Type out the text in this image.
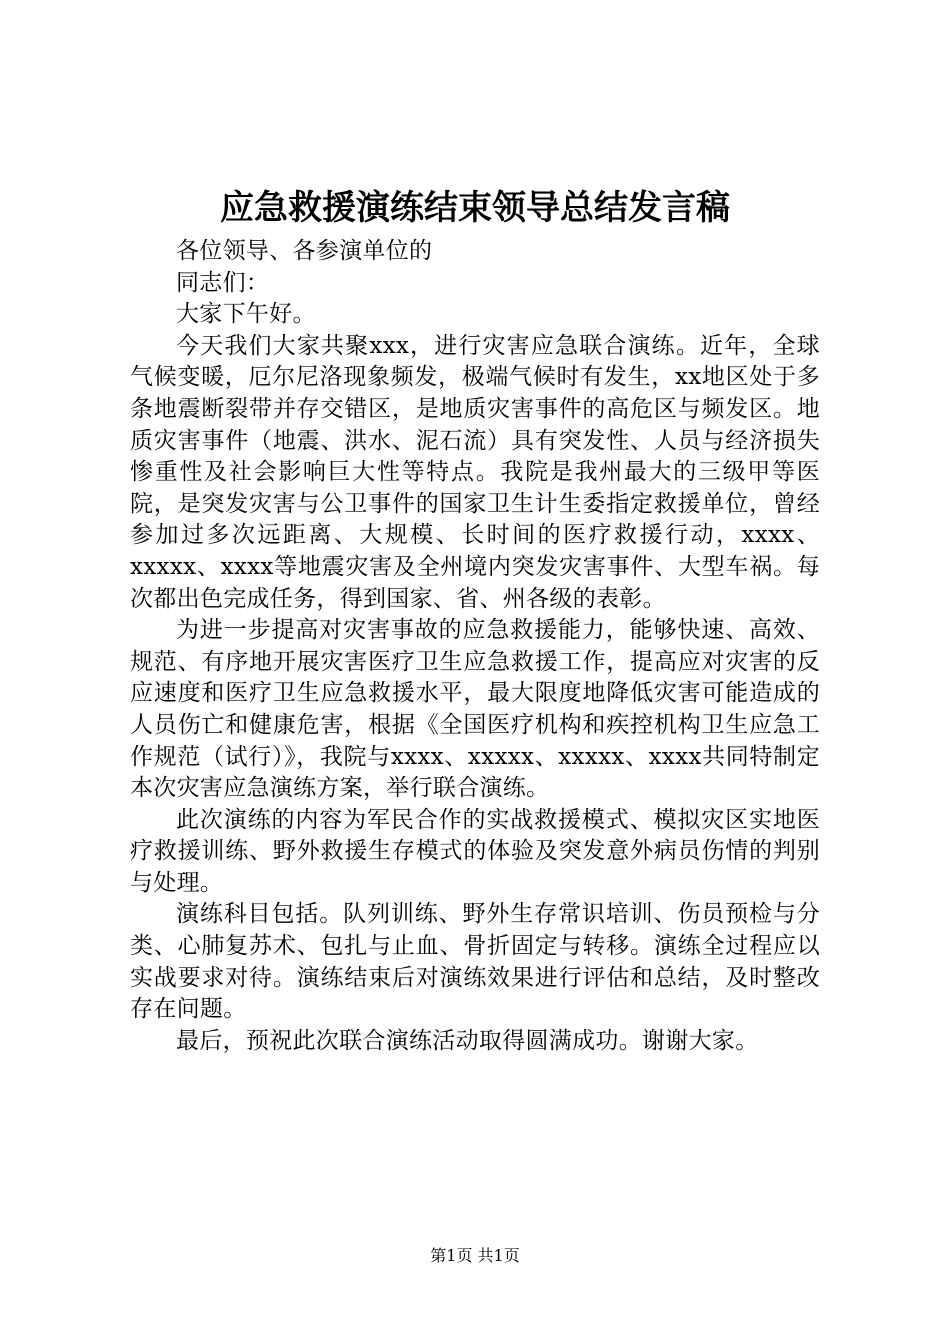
应急救援演练结束领导总结发言稿

各位领导、各参演单位的

同志们：

大家下午好。

今天我们大家共聚xxx，进行灾害应急联合演练。近年，全球气候变暖，厄尔尼洛现象频发，极端气候时有发生，xx地区处于多条地震断裂带并存交错区，是地质灾害事件的高危区与频发区。地质灾害事件（地震、洪水、泥石流）具有突发性、人员与经济损失惨重性及社会影响巨大性等特点。我院是我州最大的三级甲等医院，是突发灾害与公卫事件的国家卫生计生委指定救援单位，曾经参加过多次远距离、大规模、长时间的医疗救援行动，xxxx、xxxxx、xxxx等地震灾害及全州境内突发灾害事件、大型车祸。每次都出色完成任务，得到国家、省、州各级的表彰。

为进一步提高对灾害事故的应急救援能力，能够快速、高效、规范、有序地开展灾害医疗卫生应急救援工作，提高应对灾害的反应速度和医疗卫生应急救援水平，最大限度地降低灾害可能造成的人员伤亡和健康危害，根据《全国医疗机构和疾控机构卫生应急工作规范（试行）》，我院与xxxx、xxxxx、xxxxx、xxxx共同特制定本次灾害应急演练方案，举行联合演练。

此次演练的内容为军民合作的实战救援模式、模拟灾区实地医疗救援训练、野外救援生存模式的体验及突发意外病员伤情的判别与处理。

演练科目包括。队列训练、野外生存常识培训、伤员预检与分类、心肺复苏术、包扎与止血、骨折固定与转移。演练全过程应以实战要求对待。演练结束后对演练效果进行评估和总结，及时整改存在问题。

最后，预祝此次联合演练活动取得圆满成功。谢谢大家。

第1页 共1页
